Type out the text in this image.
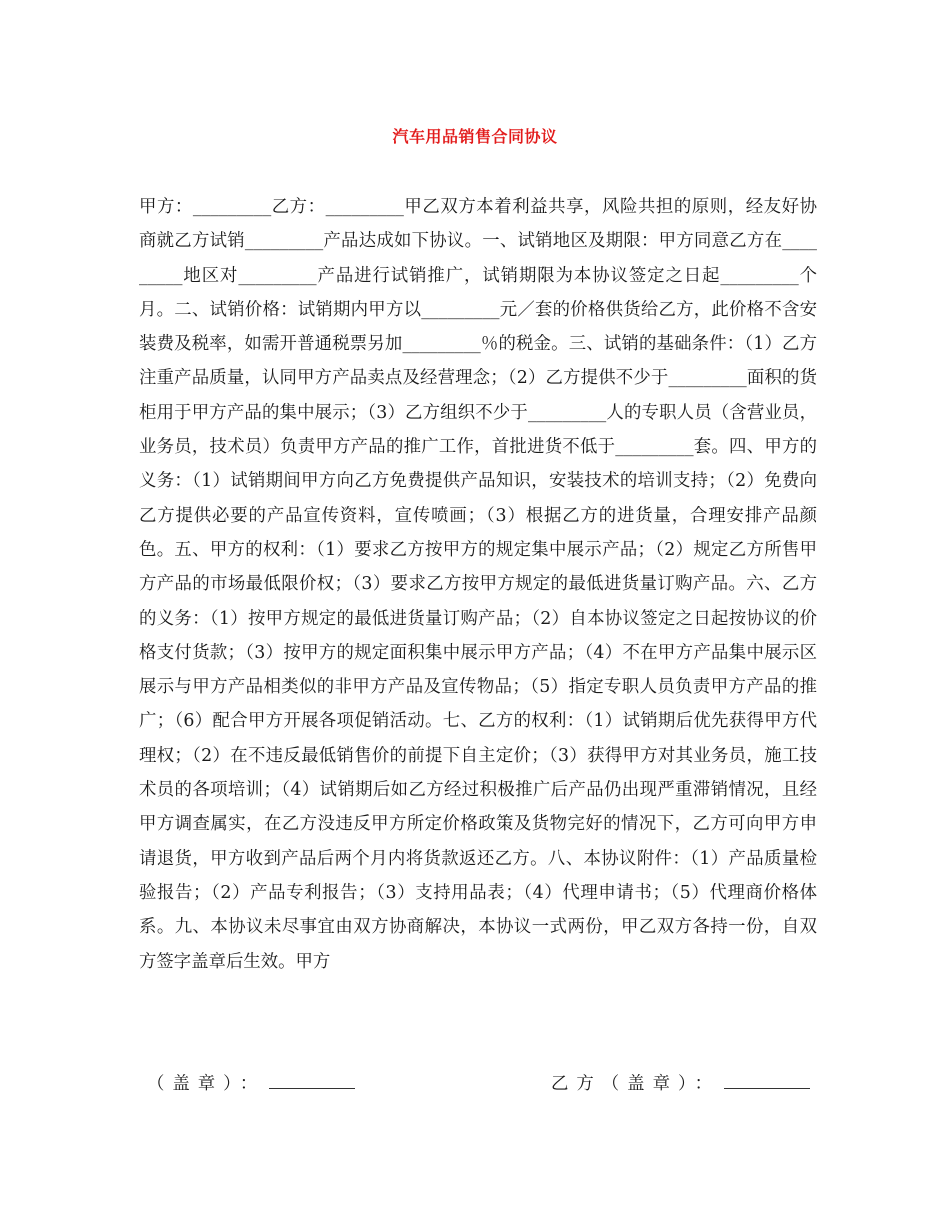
汽车用品销售合同协议

甲方：_________乙方：_________甲乙双方本着利益共享，风险共担的原则，经友好协商就乙方试销_________产品达成如下协议。一、试销地区及期限：甲方同意乙方在_________地区对_________产品进行试销推广，试销期限为本协议签定之日起_________个月。二、试销价格：试销期内甲方以_________元／套的价格供货给乙方，此价格不含安装费及税率，如需开普通税票另加_________％的税金。三、试销的基础条件：（1）乙方注重产品质量，认同甲方产品卖点及经营理念；（2）乙方提供不少于_________面积的货柜用于甲方产品的集中展示；（3）乙方组织不少于_________人的专职人员（含营业员，业务员，技术员）负责甲方产品的推广工作，首批进货不低于_________套。四、甲方的义务：（1）试销期间甲方向乙方免费提供产品知识，安装技术的培训支持；（2）免费向乙方提供必要的产品宣传资料，宣传喷画；（3）根据乙方的进货量，合理安排产品颜色。五、甲方的权利：（1）要求乙方按甲方的规定集中展示产品；（2）规定乙方所售甲方产品的市场最低限价权；（3）要求乙方按甲方规定的最低进货量订购产品。六、乙方的义务：（1）按甲方规定的最低进货量订购产品；（2）自本协议签定之日起按协议的价格支付货款；（3）按甲方的规定面积集中展示甲方产品；（4）不在甲方产品集中展示区展示与甲方产品相类似的非甲方产品及宣传物品；（5）指定专职人员负责甲方产品的推广；（6）配合甲方开展各项促销活动。七、乙方的权利：（1）试销期后优先获得甲方代理权；（2）在不违反最低销售价的前提下自主定价；（3）获得甲方对其业务员，施工技术员的各项培训；（4）试销期后如乙方经过积极推广后产品仍出现严重滞销情况，且经甲方调查属实，在乙方没违反甲方所定价格政策及货物完好的情况下，乙方可向甲方申请退货，甲方收到产品后两个月内将货款返还乙方。八、本协议附件：（1）产品质量检验报告；（2）产品专利报告；（3）支持用品表；（4）代理申请书；（5）代理商价格体系。九、本协议未尽事宜由双方协商解决，本协议一式两份，甲乙双方各持一份，自双方签字盖章后生效。甲方

（盖章）：	乙方（盖章）：
